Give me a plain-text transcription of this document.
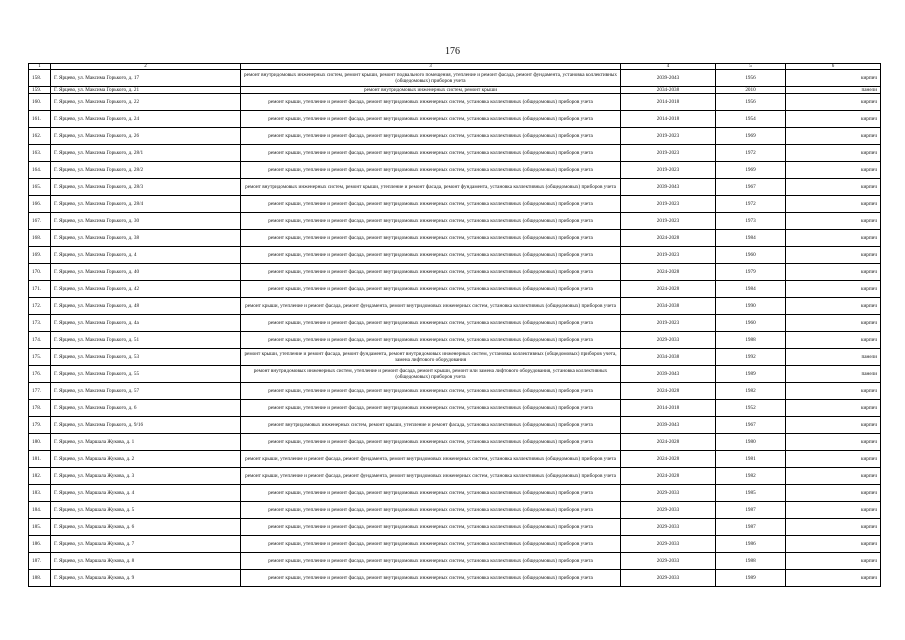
176
1	2	3	4	5	6
158.	Г. Ярцево, ул. Максима Горького, д. 17	ремонт внутридомовых инженерных систем, ремонт крыши, ремонт подвального помещения, утепление и ремонт фасада, ремонт фундамента, установка коллективных (общедомовых) приборов учета	2039-2043	1956	кирпич
159.	Г. Ярцево, ул. Максима Горького, д. 21	ремонт внутридомовых инженерных систем, ремонт крыши	2034-2038	2010	панели
160.	Г. Ярцево, ул. Максима Горького, д. 22	ремонт крыши, утепление и ремонт фасада, ремонт внутридомовых инженерных систем, установка коллективных (общедомовых) приборов учета	2014-2018	1956	кирпич
161.	Г. Ярцево, ул. Максима Горького, д. 24	ремонт крыши, утепление и ремонт фасада, ремонт внутридомовых инженерных систем, установка коллективных (общедомовых) приборов учета	2014-2018	1954	кирпич
162.	Г. Ярцево, ул. Максима Горького, д. 26	ремонт крыши, утепление и ремонт фасада, ремонт внутридомовых инженерных систем, установка коллективных (общедомовых) приборов учета	2019-2023	1969	кирпич
163.	Г. Ярцево, ул. Максима Горького, д. 28/1	ремонт крыши, утепление и ремонт фасада, ремонт внутридомовых инженерных систем, установка коллективных (общедомовых) приборов учета	2019-2023	1972	кирпич
164.	Г. Ярцево, ул. Максима Горького, д. 28/2	ремонт крыши, утепление и ремонт фасада, ремонт внутридомовых инженерных систем, установка коллективных (общедомовых) приборов учета	2019-2023	1969	кирпич
165.	Г. Ярцево, ул. Максима Горького, д. 28/3	ремонт внутридомовых инженерных систем, ремонт крыши, утепление и ремонт фасада, ремонт фундамента, установка коллективных (общедомовых) приборов учета	2039-2043	1967	кирпич
166.	Г. Ярцево, ул. Максима Горького, д. 28/4	ремонт крыши, утепление и ремонт фасада, ремонт внутридомовых инженерных систем, установка коллективных (общедомовых) приборов учета	2019-2023	1972	кирпич
167.	Г. Ярцево, ул. Максима Горького, д. 30	ремонт крыши, утепление и ремонт фасада, ремонт внутридомовых инженерных систем, установка коллективных (общедомовых) приборов учета	2019-2023	1973	кирпич
168.	Г. Ярцево, ул. Максима Горького, д. 38	ремонт крыши, утепление и ремонт фасада, ремонт внутридомовых инженерных систем, установка коллективных (общедомовых) приборов учета	2024-2028	1984	кирпич
169.	Г. Ярцево, ул. Максима Горького, д. 4	ремонт крыши, утепление и ремонт фасада, ремонт внутридомовых инженерных систем, установка коллективных (общедомовых) приборов учета	2019-2023	1960	кирпич
170.	Г. Ярцево, ул. Максима Горького, д. 40	ремонт крыши, утепление и ремонт фасада, ремонт внутридомовых инженерных систем, установка коллективных (общедомовых) приборов учета	2024-2028	1979	кирпич
171.	Г. Ярцево, ул. Максима Горького, д. 42	ремонт крыши, утепление и ремонт фасада, ремонт внутридомовых инженерных систем, установка коллективных (общедомовых) приборов учета	2024-2028	1984	кирпич
172.	Г. Ярцево, ул. Максима Горького, д. 48	ремонт крыши, утепление и ремонт фасада, ремонт фундамента, ремонт внутридомовых инженерных систем, установка коллективных (общедомовых) приборов учета	2034-2038	1990	кирпич
173.	Г. Ярцево, ул. Максима Горького, д. 4а	ремонт крыши, утепление и ремонт фасада, ремонт внутридомовых инженерных систем, установка коллективных (общедомовых) приборов учета	2019-2023	1960	кирпич
174.	Г. Ярцево, ул. Максима Горького, д. 51	ремонт крыши, утепление и ремонт фасада, ремонт внутридомовых инженерных систем, установка коллективных (общедомовых) приборов учета	2029-2033	1988	кирпич
175.	Г. Ярцево, ул. Максима Горького, д. 53	ремонт крыши, утепление и ремонт фасада, ремонт фундамента, ремонт внутридомовых инженерных систем, установка коллективных (общедомовых) приборов учета, замена лифтового оборудования	2034-2038	1992	панели
176.	Г. Ярцево, ул. Максима Горького, д. 55	ремонт внутридомовых инженерных систем, утепление и ремонт фасада, ремонт крыши, ремонт или замена лифтового оборудования, установка коллективных (общедомовых) приборов учета	2039-2043	1989	панели
177.	Г. Ярцево, ул. Максима Горького, д. 57	ремонт крыши, утепление и ремонт фасада, ремонт внутридомовых инженерных систем, установка коллективных (общедомовых) приборов учета	2024-2028	1982	кирпич
178.	Г. Ярцево, ул. Максима Горького, д. 6	ремонт крыши, утепление и ремонт фасада, ремонт внутридомовых инженерных систем, установка коллективных (общедомовых) приборов учета	2014-2018	1952	кирпич
179.	Г. Ярцево, ул. Максима Горького, д. 9/16	ремонт внутридомовых инженерных систем, ремонт крыши, утепление и ремонт фасада, установка коллективных (общедомовых) приборов учета	2039-2043	1967	кирпич
180.	Г. Ярцево, ул. Маршала Жукова, д. 1	ремонт крыши, утепление и ремонт фасада, ремонт внутридомовых инженерных систем, установка коллективных (общедомовых) приборов учета	2024-2028	1980	кирпич
181.	Г. Ярцево, ул. Маршала Жукова, д. 2	ремонт крыши, утепление и ремонт фасада, ремонт фундамента, ремонт внутридомовых инженерных систем, установка коллективных (общедомовых) приборов учета	2024-2028	1981	кирпич
182.	Г. Ярцево, ул. Маршала Жукова, д. 3	ремонт крыши, утепление и ремонт фасада, ремонт фундамента, ремонт внутридомовых инженерных систем, установка коллективных (общедомовых) приборов учета	2024-2028	1982	кирпич
183.	Г. Ярцево, ул. Маршала Жукова, д. 4	ремонт крыши, утепление и ремонт фасада, ремонт внутридомовых инженерных систем, установка коллективных (общедомовых) приборов учета	2029-2033	1985	кирпич
184.	Г. Ярцево, ул. Маршала Жукова, д. 5	ремонт крыши, утепление и ремонт фасада, ремонт внутридомовых инженерных систем, установка коллективных (общедомовых) приборов учета	2029-2033	1987	кирпич
185.	Г. Ярцево, ул. Маршала Жукова, д. 6	ремонт крыши, утепление и ремонт фасада, ремонт внутридомовых инженерных систем, установка коллективных (общедомовых) приборов учета	2029-2033	1987	кирпич
186.	Г. Ярцево, ул. Маршала Жукова, д. 7	ремонт крыши, утепление и ремонт фасада, ремонт внутридомовых инженерных систем, установка коллективных (общедомовых) приборов учета	2029-2033	1986	кирпич
187.	Г. Ярцево, ул. Маршала Жукова, д. 8	ремонт крыши, утепление и ремонт фасада, ремонт внутридомовых инженерных систем, установка коллективных (общедомовых) приборов учета	2029-2033	1988	кирпич
188.	Г. Ярцево, ул. Маршала Жукова, д. 9	ремонт крыши, утепление и ремонт фасада, ремонт внутридомовых инженерных систем, установка коллективных (общедомовых) приборов учета	2029-2033	1989	кирпич
